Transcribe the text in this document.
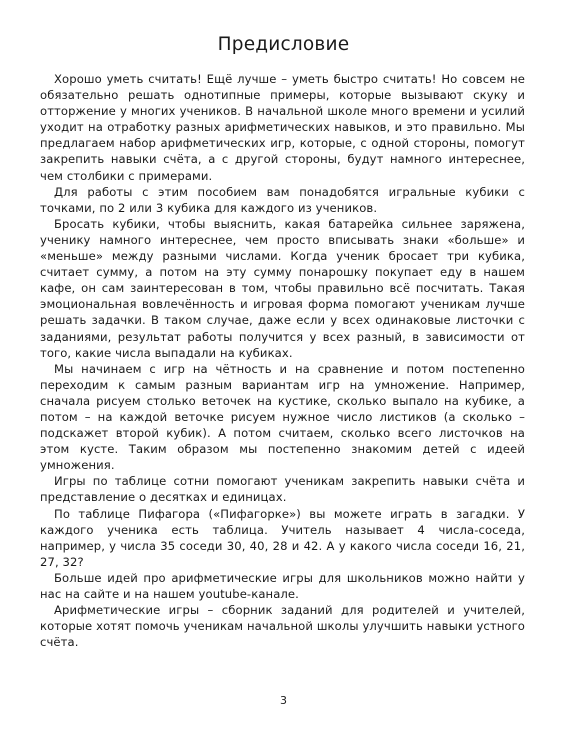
Предисловие

Хорошо уметь считать! Ещё лучше – уметь быстро считать! Но совсем не обязательно решать однотипные примеры, которые вызывают скуку и отторжение у многих учеников. В начальной школе много времени и усилий уходит на отработку разных арифметических навыков, и это правильно. Мы предлагаем набор арифметических игр, которые, с одной стороны, помогут закрепить навыки счёта, а с другой стороны, будут намного интереснее, чем столбики с примерами.

Для работы с этим пособием вам понадобятся игральные кубики с точками, по 2 или 3 кубика для каждого из учеников.

Бросать кубики, чтобы выяснить, какая батарейка сильнее заряжена, ученику намного интереснее, чем просто вписывать знаки «больше» и «меньше» между разными числами. Когда ученик бросает три кубика, считает сумму, а потом на эту сумму понарошку покупает еду в нашем кафе, он сам заинтересован в том, чтобы правильно всё посчитать. Такая эмоциональная вовлечённость и игровая форма помогают ученикам лучше решать задачки. В таком случае, даже если у всех одинаковые листочки с заданиями, результат работы получится у всех разный, в зависимости от того, какие числа выпадали на кубиках.

Мы начинаем с игр на чётность и на сравнение и потом постепенно переходим к самым разным вариантам игр на умножение. Например, сначала рисуем столько веточек на кустике, сколько выпало на кубике, а потом – на каждой веточке рисуем нужное число листиков (а сколько – подскажет второй кубик). А потом считаем, сколько всего листочков на этом кусте. Таким образом мы постепенно знакомим детей с идеей умножения.

Игры по таблице сотни помогают ученикам закрепить навыки счёта и представление о десятках и единицах.

По таблице Пифагора («Пифагорке») вы можете играть в загадки. У каждого ученика есть таблица. Учитель называет 4 числа-соседа, например, у числа 35 соседи 30, 40, 28 и 42. А у какого числа соседи 16, 21, 27, 32?

Больше идей про арифметические игры для школьников можно найти у нас на сайте и на нашем youtube-канале.

Арифметические игры – сборник заданий для родителей и учителей, которые хотят помочь ученикам начальной школы улучшить навыки устного счёта.

3
